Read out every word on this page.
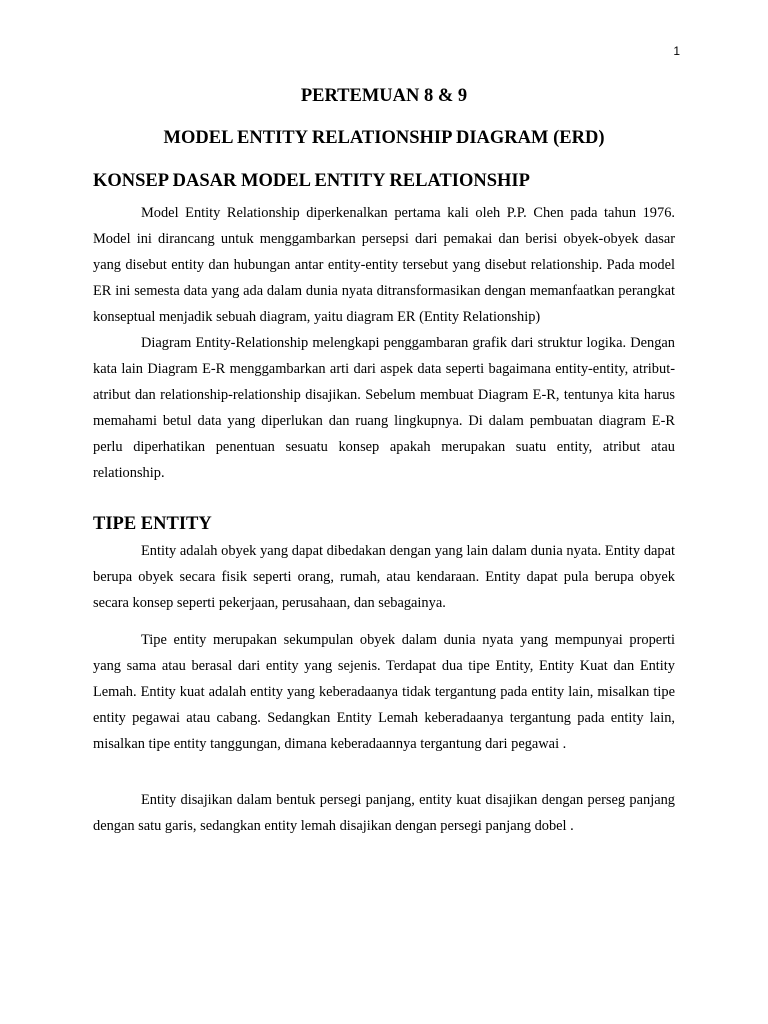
1
PERTEMUAN 8 & 9
MODEL ENTITY RELATIONSHIP DIAGRAM (ERD)
KONSEP DASAR MODEL ENTITY RELATIONSHIP

Model Entity Relationship diperkenalkan pertama kali oleh P.P. Chen pada tahun 1976. Model ini dirancang untuk menggambarkan persepsi dari pemakai dan berisi obyek-obyek dasar yang disebut entity dan hubungan antar entity-entity tersebut yang disebut relationship. Pada model ER ini semesta data yang ada dalam dunia nyata ditransformasikan dengan memanfaatkan perangkat konseptual menjadik sebuah diagram, yaitu diagram ER (Entity Relationship)

Diagram Entity-Relationship melengkapi penggambaran grafik dari struktur logika. Dengan kata lain Diagram E-R menggambarkan arti dari aspek data seperti bagaimana entity-entity, atribut-atribut dan relationship-relationship disajikan. Sebelum membuat Diagram E-R, tentunya kita harus memahami betul data yang diperlukan dan ruang lingkupnya. Di dalam pembuatan diagram E-R perlu diperhatikan penentuan sesuatu konsep apakah merupakan suatu entity, atribut atau relationship.

TIPE ENTITY

Entity adalah obyek yang dapat dibedakan dengan yang lain dalam dunia nyata. Entity dapat berupa obyek secara fisik seperti orang, rumah, atau kendaraan. Entity dapat pula berupa obyek secara konsep seperti pekerjaan, perusahaan, dan sebagainya.

Tipe entity merupakan sekumpulan obyek dalam dunia nyata yang mempunyai properti yang sama atau berasal dari entity yang sejenis. Terdapat dua tipe Entity, Entity Kuat dan Entity Lemah. Entity kuat adalah entity yang keberadaanya tidak tergantung pada entity lain, misalkan tipe entity pegawai atau cabang. Sedangkan Entity Lemah keberadaanya tergantung pada entity lain, misalkan tipe entity tanggungan, dimana keberadaannya tergantung dari pegawai .

Entity disajikan dalam bentuk persegi panjang, entity kuat disajikan dengan perseg panjang dengan satu garis, sedangkan entity lemah disajikan dengan persegi panjang dobel .
